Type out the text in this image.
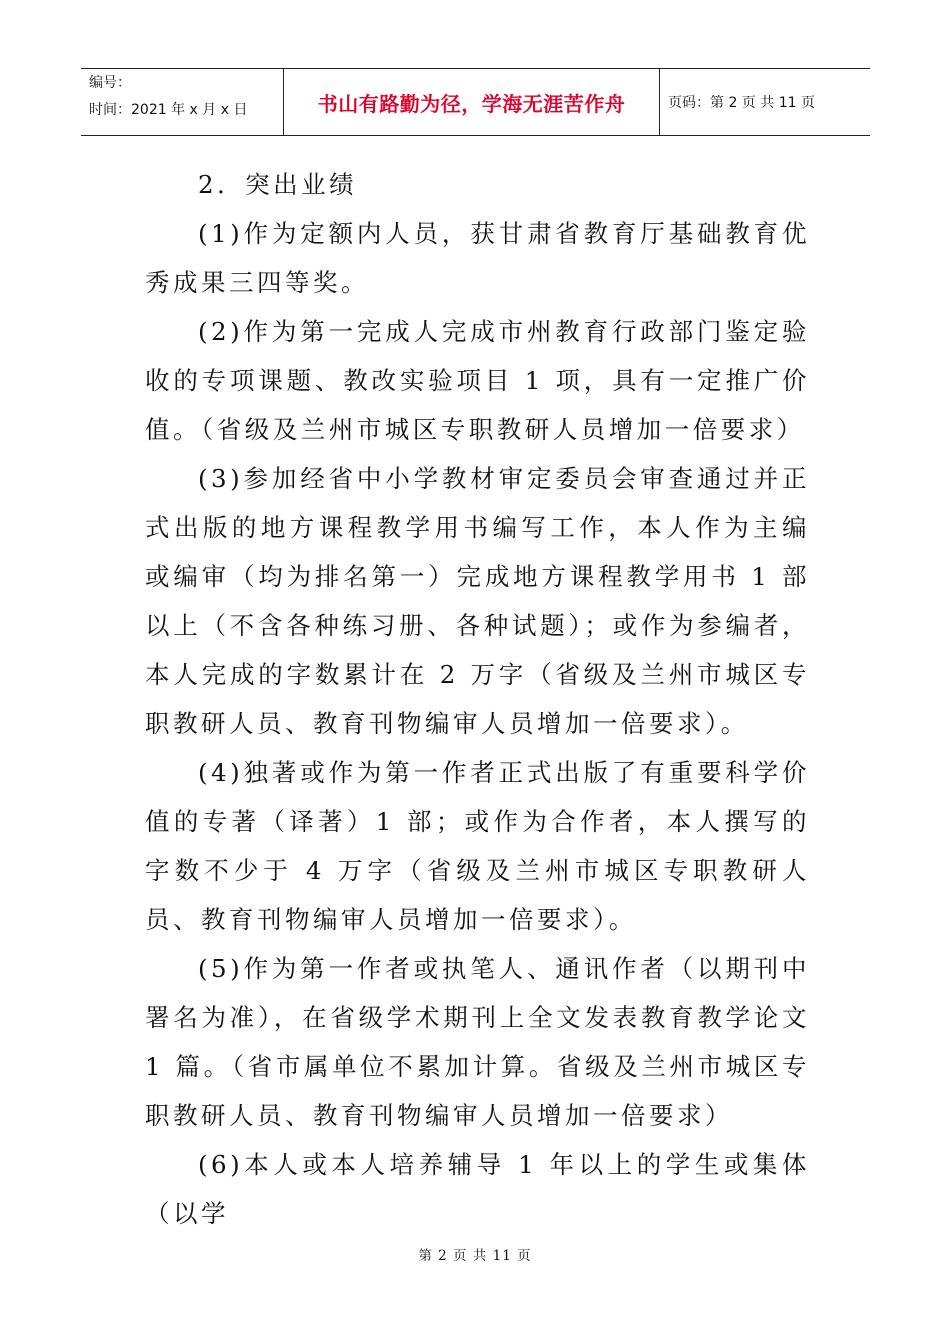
编号：
时间：2021 年 x 月 x 日	书山有路勤为径，学海无涯苦作舟	页码：第 2 页 共 11 页

2．突出业绩

(1)作为定额内人员，获甘肃省教育厅基础教育优秀成果三四等奖。

(2)作为第一完成人完成市州教育行政部门鉴定验收的专项课题、教改实验项目 1 项，具有一定推广价值。（省级及兰州市城区专职教研人员增加一倍要求）

(3)参加经省中小学教材审定委员会审查通过并正式出版的地方课程教学用书编写工作，本人作为主编或编审（均为排名第一）完成地方课程教学用书 1 部以上（不含各种练习册、各种试题）；或作为参编者，本人完成的字数累计在 2 万字（省级及兰州市城区专职教研人员、教育刊物编审人员增加一倍要求）。

(4)独著或作为第一作者正式出版了有重要科学价值的专著（译著）1 部；或作为合作者，本人撰写的字数不少于 4 万字（省级及兰州市城区专职教研人员、教育刊物编审人员增加一倍要求）。

(5)作为第一作者或执笔人、通讯作者（以期刊中署名为准），在省级学术期刊上全文发表教育教学论文 1 篇。（省市属单位不累加计算。省级及兰州市城区专职教研人员、教育刊物编审人员增加一倍要求）

(6)本人或本人培养辅导 1 年以上的学生或集体（以学

第 2 页 共 11 页
